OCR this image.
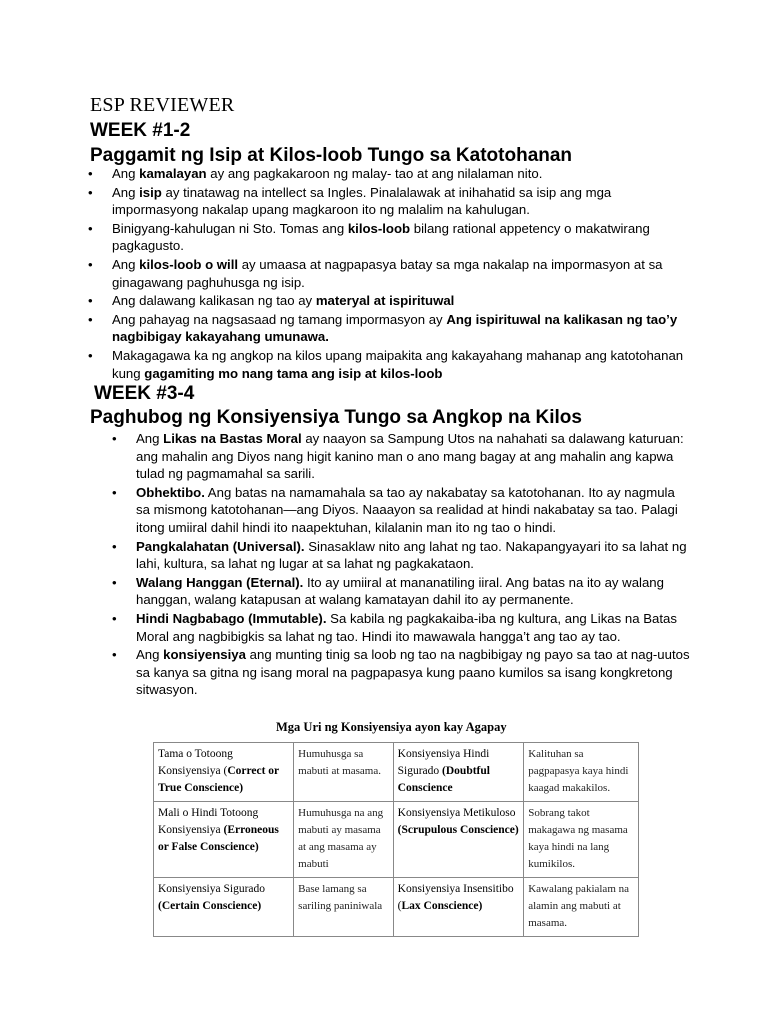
ESP REVIEWER
WEEK #1-2
Paggamit ng Isip at Kilos-loob Tungo sa Katotohanan
• Ang kamalayan ay ang pagkakaroon ng malay- tao at ang nilalaman nito.
• Ang isip ay tinatawag na intellect sa Ingles. Pinalalawak at inihahatid sa isip ang mga impormasyong nakalap upang magkaroon ito ng malalim na kahulugan.
• Binigyang-kahulugan ni Sto. Tomas ang kilos-loob bilang rational appetency o makatwirang pagkagusto.
• Ang kilos-loob o will ay umaasa at nagpapasya batay sa mga nakalap na impormasyon at sa ginagawang paghuhusga ng isip.
• Ang dalawang kalikasan ng tao ay materyal at ispirituwal
• Ang pahayag na nagsasaad ng tamang impormasyon ay Ang ispirituwal na kalikasan ng tao’y nagbibigay kakayahang umunawa.
• Makagagawa ka ng angkop na kilos upang maipakita ang kakayahang mahanap ang katotohanan kung gagamiting mo nang tama ang isip at kilos-loob
WEEK #3-4
Paghubog ng Konsiyensiya Tungo sa Angkop na Kilos
• Ang Likas na Bastas Moral ay naayon sa Sampung Utos na nahahati sa dalawang katuruan: ang mahalin ang Diyos nang higit kanino man o ano mang bagay at ang mahalin ang kapwa tulad ng pagmamahal sa sarili.
• Obhektibo. Ang batas na namamahala sa tao ay nakabatay sa katotohanan. Ito ay nagmula sa mismong katotohanan—ang Diyos. Naaayon sa realidad at hindi nakabatay sa tao. Palagi itong umiiral dahil hindi ito naapektuhan, kilalanin man ito ng tao o hindi.
• Pangkalahatan (Universal). Sinasaklaw nito ang lahat ng tao. Nakapangyayari ito sa lahat ng lahi, kultura, sa lahat ng lugar at sa lahat ng pagkakataon.
• Walang Hanggan (Eternal). Ito ay umiiral at mananatiling iiral. Ang batas na ito ay walang hanggan, walang katapusan at walang kamatayan dahil ito ay permanente.
• Hindi Nagbabago (Immutable). Sa kabila ng pagkakaiba-iba ng kultura, ang Likas na Batas Moral ang nagbibigkis sa lahat ng tao. Hindi ito mawawala hangga’t ang tao ay tao.
• Ang konsiyensiya ang munting tinig sa loob ng tao na nagbibigay ng payo sa tao at nag-uutos sa kanya sa gitna ng isang moral na pagpapasya kung paano kumilos sa isang kongkretong sitwasyon.
Mga Uri ng Konsiyensiya ayon kay Agapay
Tama o Totoong Konsiyensiya (Correct or True Conscience)	Humuhusga sa mabuti at masama.	Konsiyensiya Hindi Sigurado (Doubtful Conscience	Kalituhan sa pagpapasya kaya hindi kaagad makakilos.
Mali o Hindi Totoong Konsiyensiya (Erroneous or False Conscience)	Humuhusga na ang mabuti ay masama at ang masama ay mabuti	Konsiyensiya Metikuloso (Scrupulous Conscience)	Sobrang takot makagawa ng masama kaya hindi na lang kumikilos.
Konsiyensiya Sigurado (Certain Conscience)	Base lamang sa sariling paniniwala	Konsiyensiya Insensitibo (Lax Conscience)	Kawalang pakialam na alamin ang mabuti at masama.
